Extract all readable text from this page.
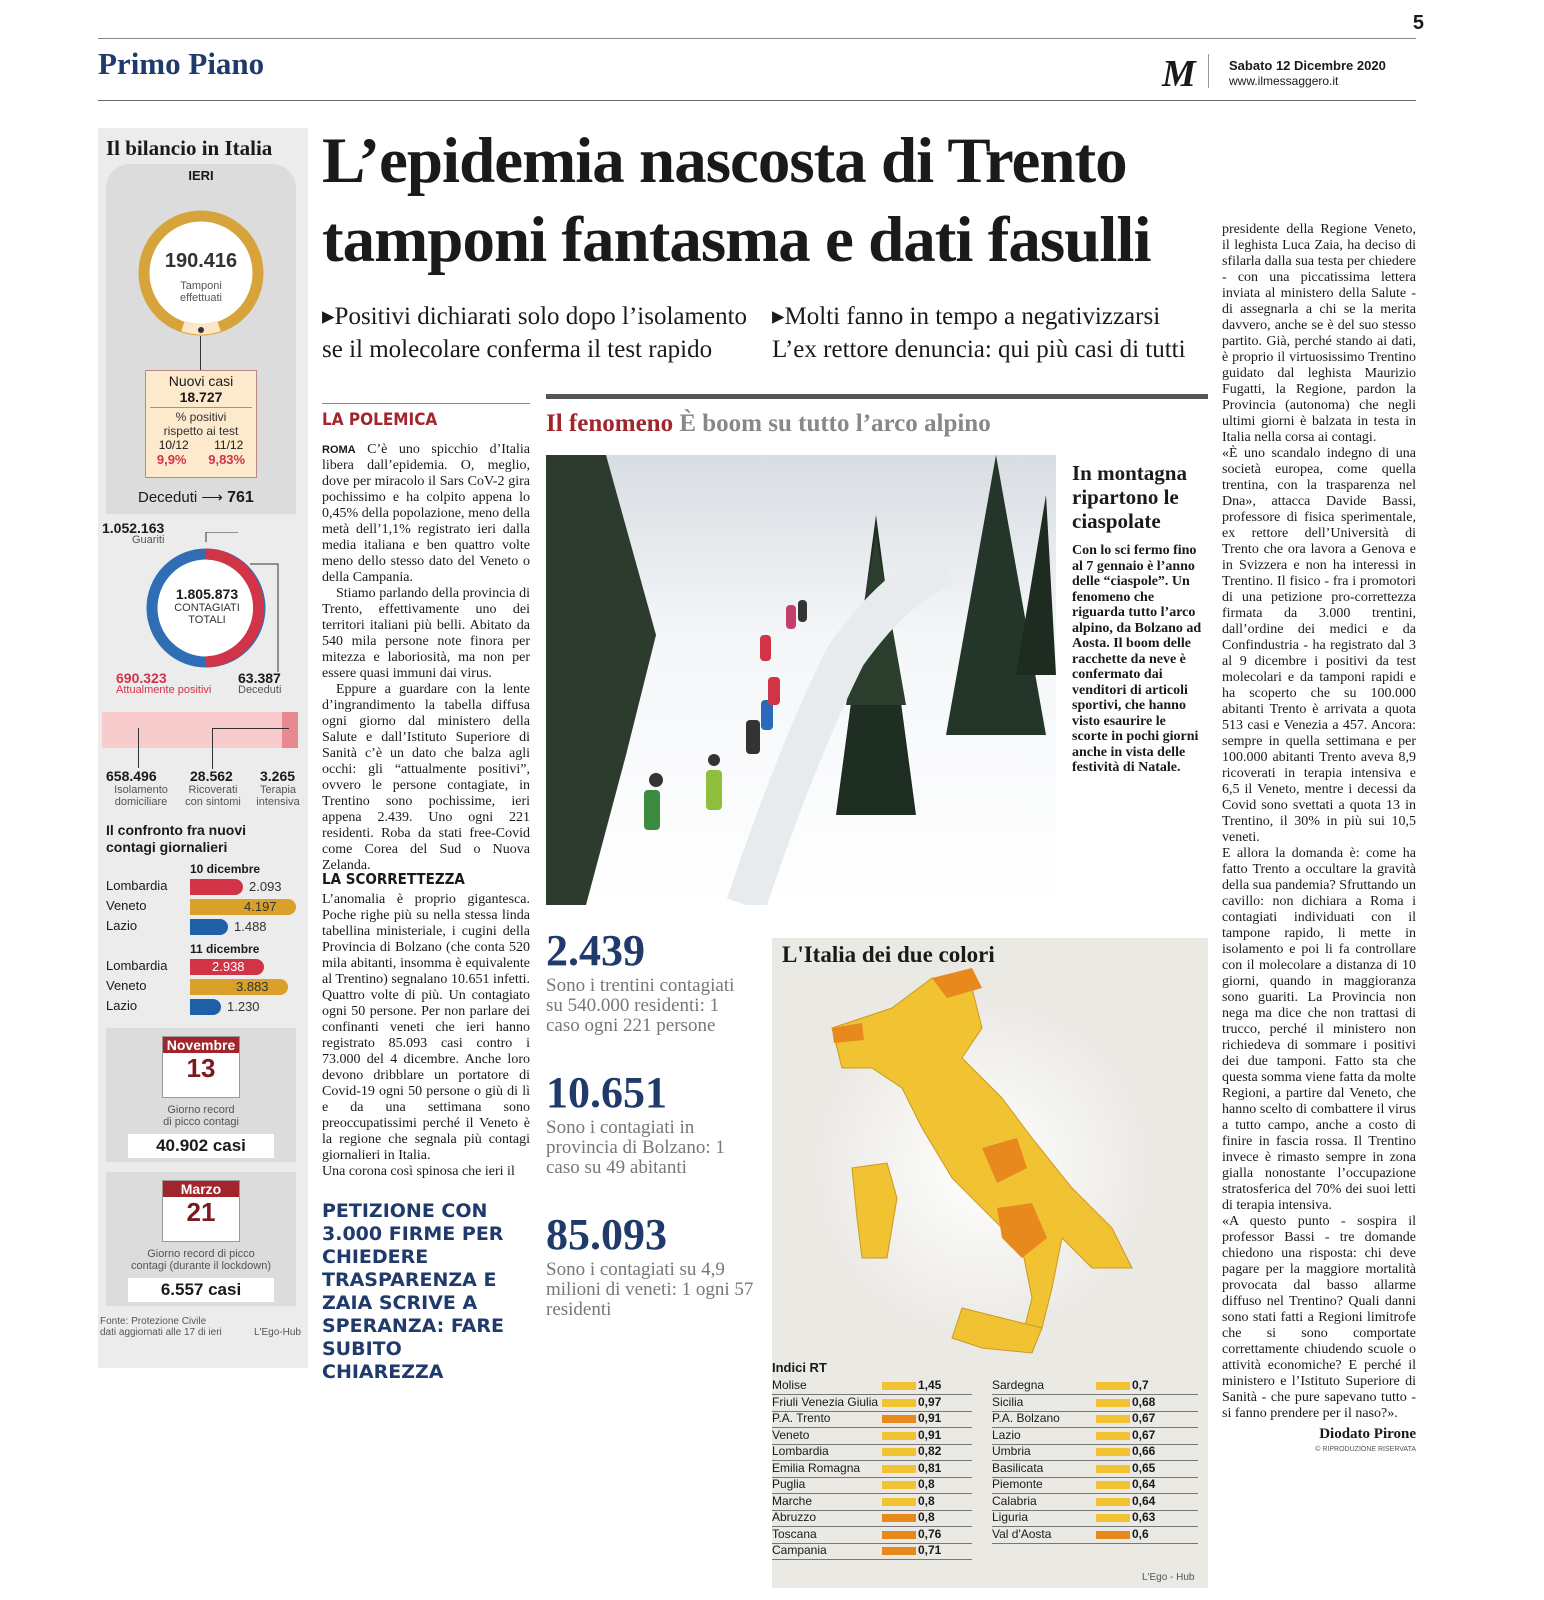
5
Primo Piano	M	Sabato 12 Dicembre 2020
www.ilmessaggero.it
Il bilancio in Italia
IERI
190.416
Tamponi
effettuati
Nuovi casi
18.727
% positivi
rispetto ai test
10/12 11/12
9,9% 9,83%
Deceduti ⟶ 761
1.052.163
Guariti
1.805.873
CONTAGIATI
TOTALI
690.323
Attualmente positivi
63.387
Deceduti
658.496
Isolamento
domiciliare
28.562
Ricoverati
con sintomi
3.265
Terapia
intensiva
Il confronto fra nuovi
contagi giornalieri
10 dicembre
Lombardia	2.093
Veneto	4.197
Lazio	1.488
11 dicembre
Lombardia	2.938
Veneto	3.883
Lazio	1.230
Novembre
13
Giorno record
di picco contagi
40.902 casi
Marzo
21
Giorno record di picco
contagi (durante il lockdown)
6.557 casi
Fonte: Protezione Civile
dati aggiornati alle 17 di ieri	L'Ego-Hub
L’epidemia nascosta di Trento
tamponi fantasma e dati fasulli
▸Positivi dichiarati solo dopo l’isolamento
se il molecolare conferma il test rapido
▸Molti fanno in tempo a negativizzarsi
L’ex rettore denuncia: qui più casi di tutti
LA POLEMICA
ROMA C’è uno spicchio d’Italia libera dall’epidemia. O, meglio, dove per miracolo il Sars CoV-2 gira pochissimo e ha colpito appena lo 0,45% della popolazione, meno della metà dell’1,1% registrato ieri dalla media italiana e ben quattro volte meno dello stesso dato del Veneto o della Campania.
Stiamo parlando della provincia di Trento, effettivamente uno dei territori italiani più belli. Abitato da 540 mila persone note finora per mitezza e laboriosità, ma non per essere quasi immuni dai virus.
Eppure a guardare con la lente d’ingrandimento la tabella diffusa ogni giorno dal ministero della Salute e dall’Istituto Superiore di Sanità c’è un dato che balza agli occhi: gli “attualmente positivi”, ovvero le persone contagiate, in Trentino sono pochissime, ieri appena 2.439. Uno ogni 221 residenti. Roba da stati free-Covid come Corea del Sud o Nuova Zelanda.
LA SCORRETTEZZA
L’anomalia è proprio gigantesca. Poche righe più su nella stessa lindа tabellina ministeriale, i cugini della Provincia di Bolzano (che conta 520 mila abitanti, insomma è equivalente al Trentino) segnalano 10.651 infetti. Quattro volte di più. Un contagiato ogni 50 persone. Per non parlare dei confinanti veneti che ieri hanno registrato 85.093 casi contro i 73.000 del 4 dicembre. Anche loro devono dribblare un portatore di Covid-19 ogni 50 persone o giù di lì e da una settimana sono preoccupatissimi perché il Veneto è la regione che segnala più contagi giornalieri in Italia.
Una corona così spinosa che ieri il
PETIZIONE CON 3.000 FIRME PER CHIEDERE TRASPARENZA E ZAIA SCRIVE A SPERANZA: FARE SUBITO CHIAREZZA
Il fenomeno È boom su tutto l’arco alpino
In montagna ripartono le ciaspolate
Con lo sci fermo fino al 7 gennaio è l’anno delle “ciaspole”. Un fenomeno che riguarda tutto l’arco alpino, da Bolzano ad Aosta. Il boom delle racchette da neve è confermato dai venditori di articoli sportivi, che hanno visto esaurire le scorte in pochi giorni anche in vista delle festività di Natale.
2.439
Sono i trentini contagiati su 540.000 residenti: 1 caso ogni 221 persone
10.651
Sono i contagiati in provincia di Bolzano: 1 caso su 49 abitanti
85.093
Sono i contagiati su 4,9 milioni di veneti: 1 ogni 57 residenti
L'Italia dei due colori
Indici RT
Molise	1,45
Friuli Venezia Giulia	0,97
P.A. Trento	0,91
Veneto	0,91
Lombardia	0,82
Emilia Romagna	0,81
Puglia	0,8
Marche	0,8
Abruzzo	0,8
Toscana	0,76
Campania	0,71
Sardegna	0,7
Sicilia	0,68
P.A. Bolzano	0,67
Lazio	0,67
Umbria	0,66
Basilicata	0,65
Piemonte	0,64
Calabria	0,64
Liguria	0,63
Val d'Aosta	0,6
L'Ego - Hub
presidente della Regione Veneto, il leghista Luca Zaia, ha deciso di sfilarla dalla sua testa per chiedere - con una piccatissima lettera inviata al ministero della Salute - di assegnarla a chi se la merita davvero, anche se è del suo stesso partito. Già, perché stando ai dati, è proprio il virtuosissimo Trentino guidato dal leghista Maurizio Fugatti, la Regione, pardon la Provincia (autonoma) che negli ultimi giorni è balzata in testa in Italia nella corsa ai contagi.
«È uno scandalo indegno di una società europea, come quella trentina, con la trasparenza nel Dna», attacca Davide Bassi, professore di fisica sperimentale, ex rettore dell’Università di Trento che ora lavora a Genova e in Svizzera e non ha interessi in Trentino. Il fisico - fra i promotori di una petizione pro-correttezza firmata da 3.000 trentini, dall’ordine dei medici e da Confindustria - ha registrato dal 3 al 9 dicembre i positivi da test molecolari e da tamponi rapidi e ha scoperto che su 100.000 abitanti Trento è arrivata a quota 513 casi e Venezia a 457. Ancora: sempre in quella settimana e per 100.000 abitanti Trento aveva 8,9 ricoverati in terapia intensiva e 6,5 il Veneto, mentre i decessi da Covid sono svettati a quota 13 in Trentino, il 30% in più sui 10,5 veneti.
E allora la domanda è: come ha fatto Trento a occultare la gravità della sua pandemia? Sfruttando un cavillo: non dichiara a Roma i contagiati individuati con il tampone rapido, li mette in isolamento e poi li fa controllare con il molecolare a distanza di 10 giorni, quando in maggioranza sono guariti. La Provincia non nega ma dice che non trattasi di trucco, perché il ministero non richiedeva di sommare i positivi dei due tamponi. Fatto sta che questa somma viene fatta da molte Regioni, a partire dal Veneto, che hanno scelto di combattere il virus a tutto campo, anche a costo di finire in fascia rossa. Il Trentino invece è rimasto sempre in zona gialla nonostante l’occupazione stratosferica del 70% dei suoi letti di terapia intensiva.
«A questo punto - sospira il professor Bassi - tre domande chiedono una risposta: chi deve pagare per la maggiore mortalità provocata dal basso allarme diffuso nel Trentino? Quali danni sono stati fatti a Regioni limitrofe che si sono comportate correttamente chiudendo scuole o attività economiche? E perché il ministero e l’Istituto Superiore di Sanità - che pure sapevano tutto - si fanno prendere per il naso?».
Diodato Pirone
© RIPRODUZIONE RISERVATA
